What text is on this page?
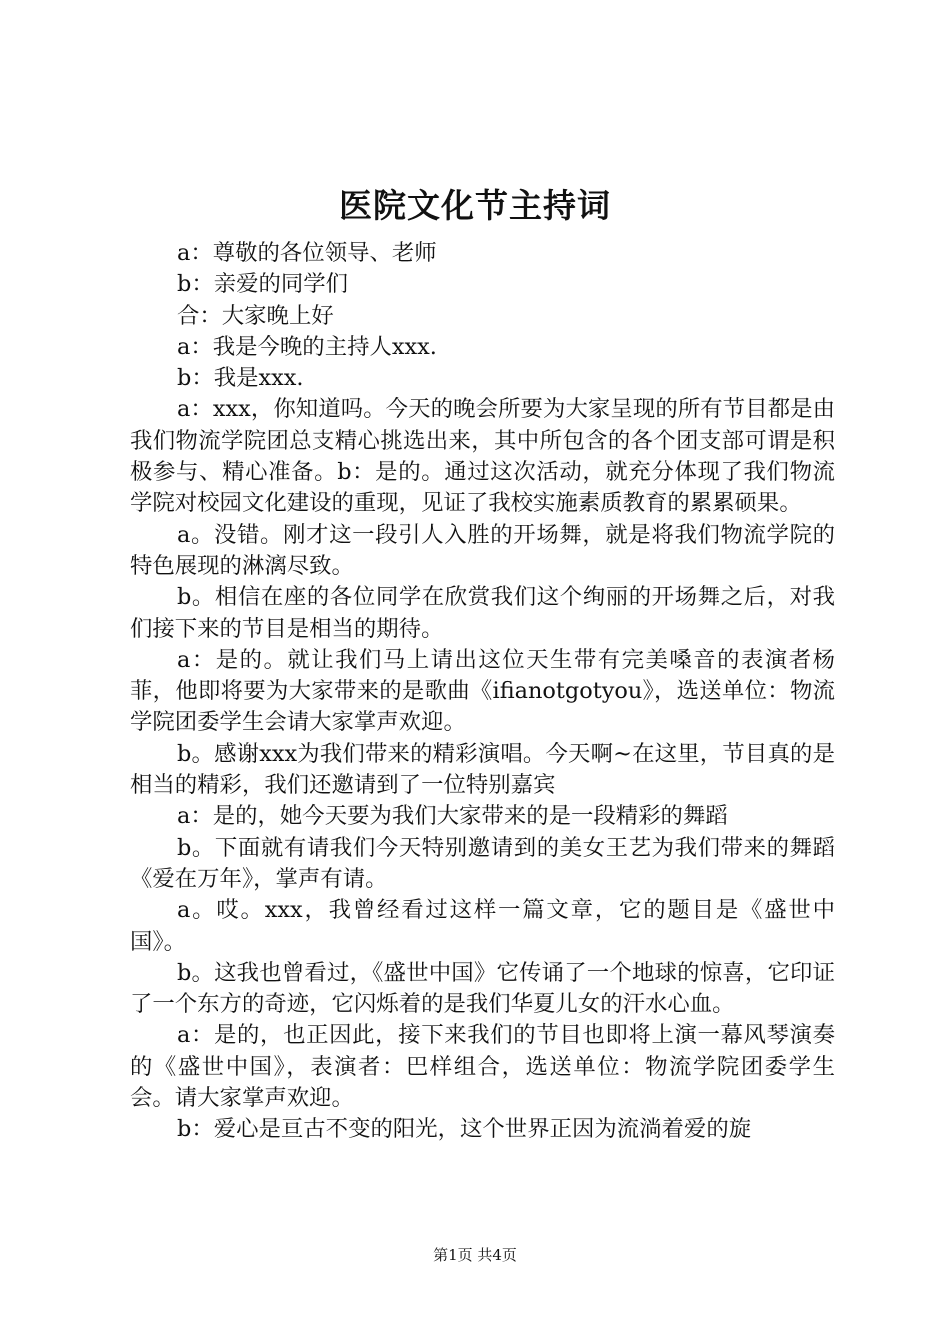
医院文化节主持词

a：尊敬的各位领导、老师

b：亲爱的同学们

合：大家晚上好

a：我是今晚的主持人xxx.

b：我是xxx.

a：xxx，你知道吗。今天的晚会所要为大家呈现的所有节目都是由我们物流学院团总支精心挑选出来，其中所包含的各个团支部可谓是积极参与、精心准备。b：是的。通过这次活动，就充分体现了我们物流学院对校园文化建设的重现，见证了我校实施素质教育的累累硕果。

a。没错。刚才这一段引人入胜的开场舞，就是将我们物流学院的特色展现的淋漓尽致。

b。相信在座的各位同学在欣赏我们这个绚丽的开场舞之后，对我们接下来的节目是相当的期待。

a：是的。就让我们马上请出这位天生带有完美嗓音的表演者杨菲，他即将要为大家带来的是歌曲《ifianotgotyou》，选送单位：物流学院团委学生会请大家掌声欢迎。

b。感谢xxx为我们带来的精彩演唱。今天啊~在这里，节目真的是相当的精彩，我们还邀请到了一位特别嘉宾

a：是的，她今天要为我们大家带来的是一段精彩的舞蹈

b。下面就有请我们今天特别邀请到的美女王艺为我们带来的舞蹈《爱在万年》，掌声有请。

a。哎。xxx，我曾经看过这样一篇文章，它的题目是《盛世中国》。

b。这我也曾看过，《盛世中国》它传诵了一个地球的惊喜，它印证了一个东方的奇迹，它闪烁着的是我们华夏儿女的汗水心血。

a：是的，也正因此，接下来我们的节目也即将上演一幕风琴演奏的《盛世中国》，表演者：巴样组合，选送单位：物流学院团委学生会。请大家掌声欢迎。

b：爱心是亘古不变的阳光，这个世界正因为流淌着爱的旋

第1页 共4页
